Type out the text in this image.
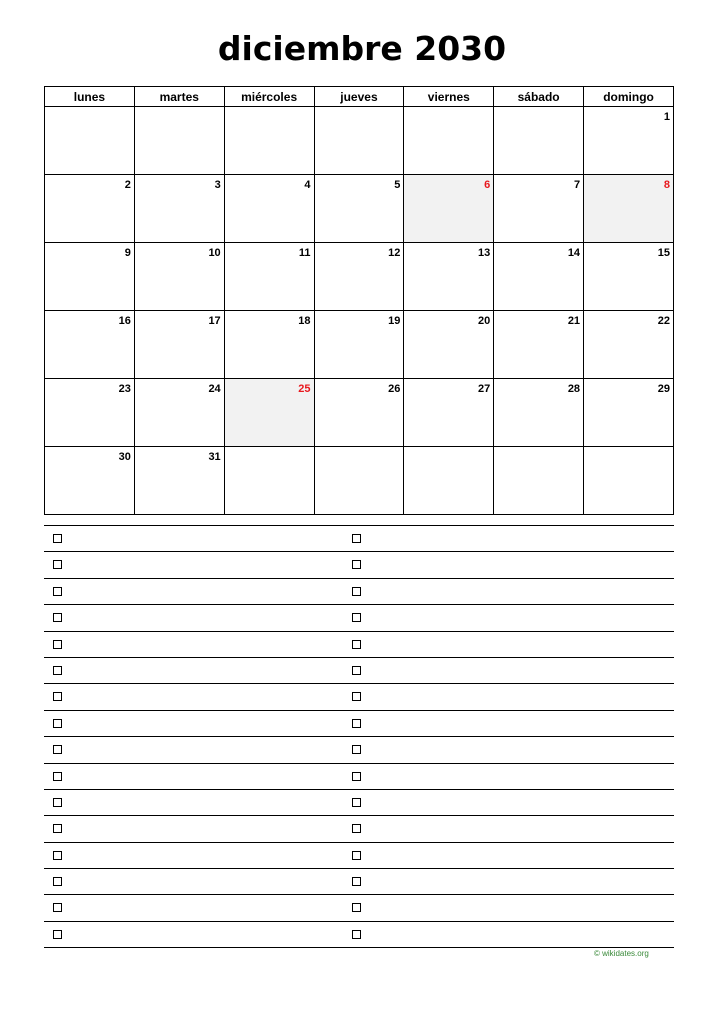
diciembre 2030
lunes	martes	miércoles	jueves	viernes	sábado	domingo

						1

2	3	4	5	6	7	8

9	10	11	12	13	14	15

16	17	18	19	20	21	22

23	24	25	26	27	28	29

30	31					

© wikidates.org
